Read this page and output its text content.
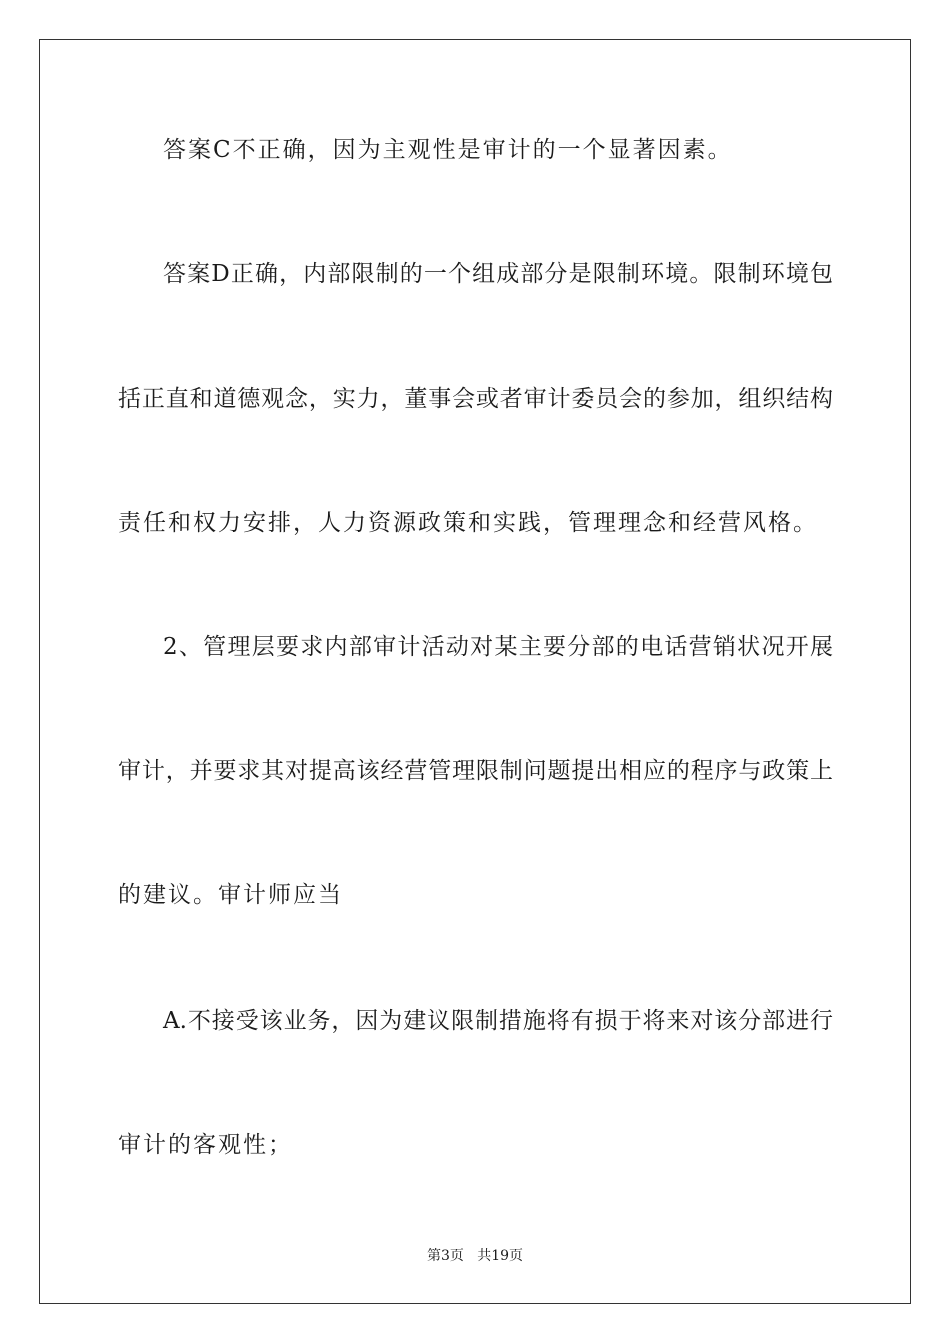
答案C不正确，因为主观性是审计的一个显著因素。
答案D正确，内部限制的一个组成部分是限制环境。限制环境包
括正直和道德观念，实力，董事会或者审计委员会的参加，组织结构
责任和权力安排，人力资源政策和实践，管理理念和经营风格。
2、管理层要求内部审计活动对某主要分部的电话营销状况开展
审计，并要求其对提高该经营管理限制问题提出相应的程序与政策上
的建议。审计师应当
A.不接受该业务，因为建议限制措施将有损于将来对该分部进行
审计的客观性；
第3页   共19页
